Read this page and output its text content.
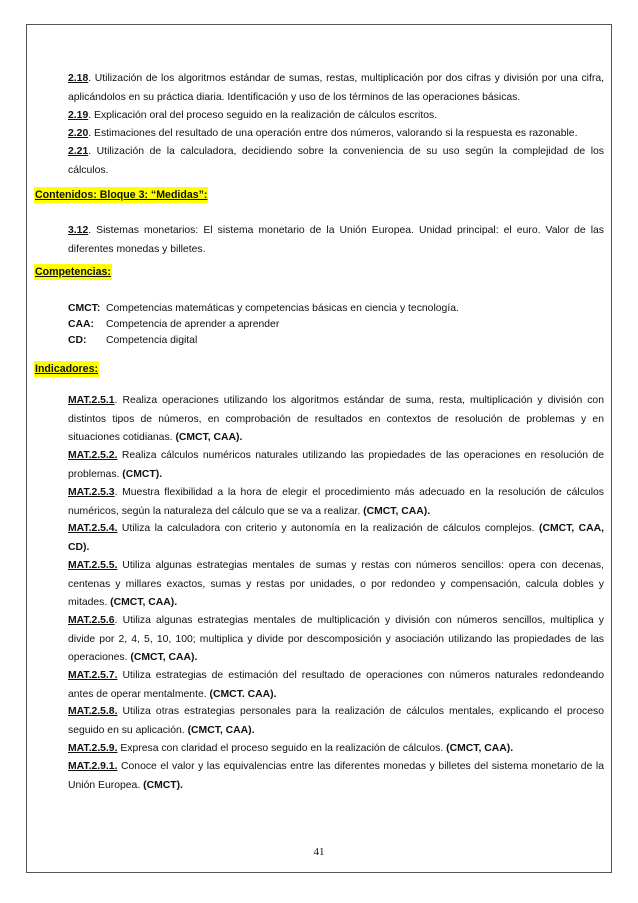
2.18. Utilización de los algoritmos estándar de sumas, restas, multiplicación por dos cifras y división por una cifra, aplicándolos en su práctica diaria. Identificación y uso de los términos de las operaciones básicas.
2.19. Explicación oral del proceso seguido en la realización de cálculos escritos.
2.20. Estimaciones del resultado de una operación entre dos números, valorando si la respuesta es razonable.
2.21. Utilización de la calculadora, decidiendo sobre la conveniencia de su uso según la complejidad de los cálculos.
Contenidos: Bloque 3: “Medidas”:
3.12. Sistemas monetarios: El sistema monetario de la Unión Europea. Unidad principal: el euro. Valor de las diferentes monedas y billetes.
Competencias:
CMCT: Competencias matemáticas y competencias básicas en ciencia y tecnología.
CAA: Competencia de aprender a aprender
CD: Competencia digital
Indicadores:
MAT.2.5.1. Realiza operaciones utilizando los algoritmos estándar de suma, resta, multiplicación y división con distintos tipos de números, en comprobación de resultados en contextos de resolución de problemas y en situaciones cotidianas. (CMCT, CAA).
MAT.2.5.2. Realiza cálculos numéricos naturales utilizando las propiedades de las operaciones en resolución de problemas. (CMCT).
MAT.2.5.3. Muestra flexibilidad a la hora de elegir el procedimiento más adecuado en la resolución de cálculos numéricos, según la naturaleza del cálculo que se va a realizar. (CMCT, CAA).
MAT.2.5.4. Utiliza la calculadora con criterio y autonomía en la realización de cálculos complejos. (CMCT, CAA, CD).
MAT.2.5.5. Utiliza algunas estrategias mentales de sumas y restas con números sencillos: opera con decenas, centenas y millares exactos, sumas y restas por unidades, o por redondeo y compensación, calcula dobles y mitades. (CMCT, CAA).
MAT.2.5.6. Utiliza algunas estrategias mentales de multiplicación y división con números sencillos, multiplica y divide por 2, 4, 5, 10, 100; multiplica y divide por descomposición y asociación utilizando las propiedades de las operaciones. (CMCT, CAA).
MAT.2.5.7. Utiliza estrategias de estimación del resultado de operaciones con números naturales redondeando antes de operar mentalmente. (CMCT. CAA).
MAT.2.5.8. Utiliza otras estrategias personales para la realización de cálculos mentales, explicando el proceso seguido en su aplicación. (CMCT, CAA).
MAT.2.5.9. Expresa con claridad el proceso seguido en la realización de cálculos. (CMCT, CAA).
MAT.2.9.1. Conoce el valor y las equivalencias entre las diferentes monedas y billetes del sistema monetario de la Unión Europea. (CMCT).
41
